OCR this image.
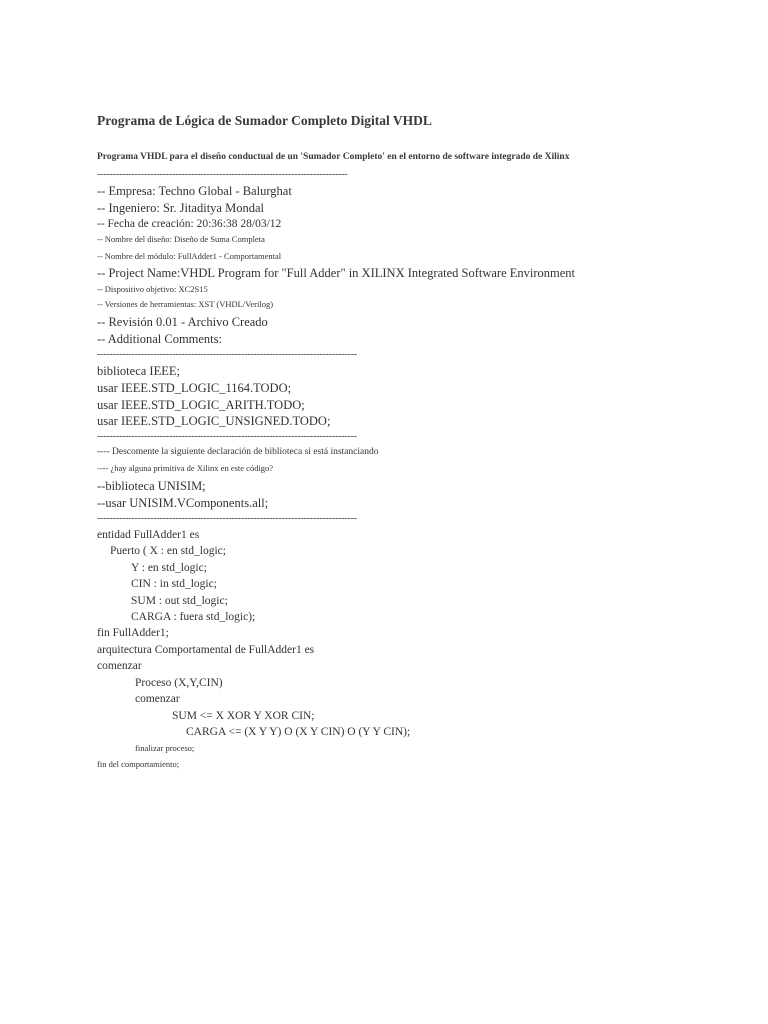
Programa de Lógica de Sumador Completo Digital VHDL
Programa VHDL para el diseño conductual de un 'Sumador Completo' en el entorno de software integrado de Xilinx
--------------------------------------------------------------------------------
-- Empresa: Techno Global - Balurghat
-- Ingeniero: Sr. Jitaditya Mondal
-- Fecha de creación: 20:36:38 28/03/12
-- Nombre del diseño: Diseño de Suma Completa
-- Nombre del módulo: FullAdder1 - Comportamental
-- Project Name:VHDL Program for "Full Adder" in XILINX Integrated Software Environment
-- Dispositivo objetivo: XC2S15
-- Versiones de herramientas: XST (VHDL/Verilog)
-- Revisión 0.01 - Archivo Creado
-- Additional Comments:
-----------------------------------------------------------------------------------
biblioteca IEEE;
usar IEEE.STD_LOGIC_1164.TODO;
usar IEEE.STD_LOGIC_ARITH.TODO;
usar IEEE.STD_LOGIC_UNSIGNED.TODO;
-----------------------------------------------------------------------------------
---- Descomente la siguiente declaración de biblioteca si está instanciando
---- ¿hay alguna primitiva de Xilinx en este código?
--biblioteca UNISIM;
--usar UNISIM.VComponents.all;
-----------------------------------------------------------------------------------
entidad FullAdder1 es
Puerto ( X : en std_logic;
Y : en std_logic;
CIN : in std_logic;
SUM : out std_logic;
CARGA : fuera std_logic);
fin FullAdder1;
arquitectura Comportamental de FullAdder1 es
comenzar
Proceso (X,Y,CIN)
comenzar
SUM <= X XOR Y XOR CIN;
CARGA <= (X Y Y) O (X Y CIN) O (Y Y CIN);
finalizar proceso;
fin del comportamiento;
